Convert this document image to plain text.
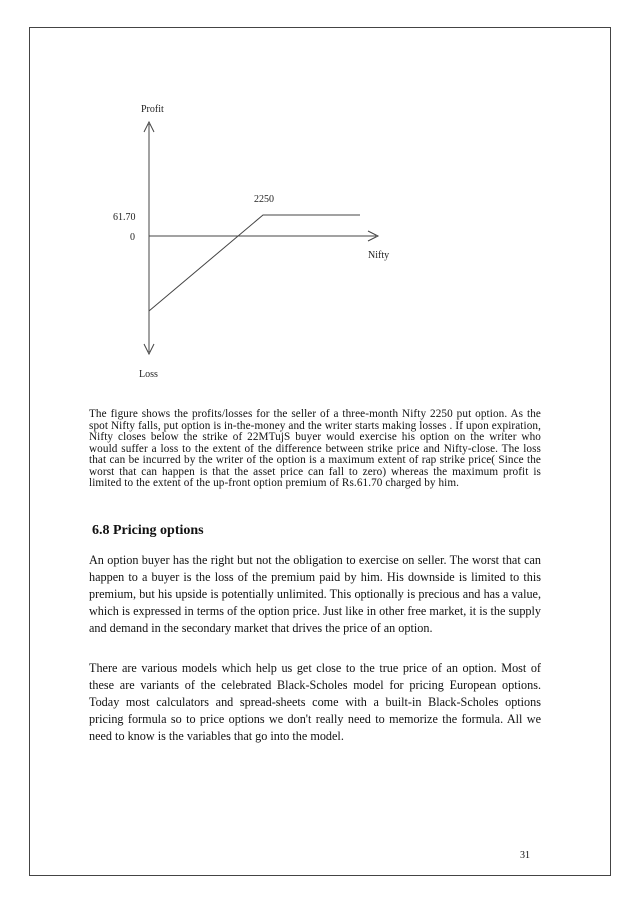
Profit
Loss
Nifty
61.70
0
2250

The figure shows the profits/losses for the seller of a three-month Nifty 2250 put option. As the spot Nifty falls, put option is in-the-money and the writer starts making losses . If upon expiration, Nifty closes below the strike of 22MTujS buyer would exercise his option on the writer who would suffer a loss to the extent of the difference between strike price and Nifty-close. The loss that can be incurred by the writer of the option is a maximum extent of rap strike price( Since the worst that can happen is that the asset price can fall to zero) whereas the maximum profit is limited to the extent of the up-front option premium of Rs.61.70 charged by him.

6.8 Pricing options

An option buyer has the right but not the obligation to exercise on seller. The worst that can happen to a buyer is the loss of the premium paid by him. His downside is limited to this premium, but his upside is potentially unlimited. This optionally is precious and has a value, which is expressed in terms of the option price. Just like in other free market, it is the supply and demand in the secondary market that drives the price of an option.

There are various models which help us get close to the true price of an option. Most of these are variants of the celebrated Black-Scholes model for pricing European options. Today most calculators and spread-sheets come with a built-in Black-Scholes options pricing formula so to price options we don't really need to memorize the formula. All we need to know is the variables that go into the model.

31
